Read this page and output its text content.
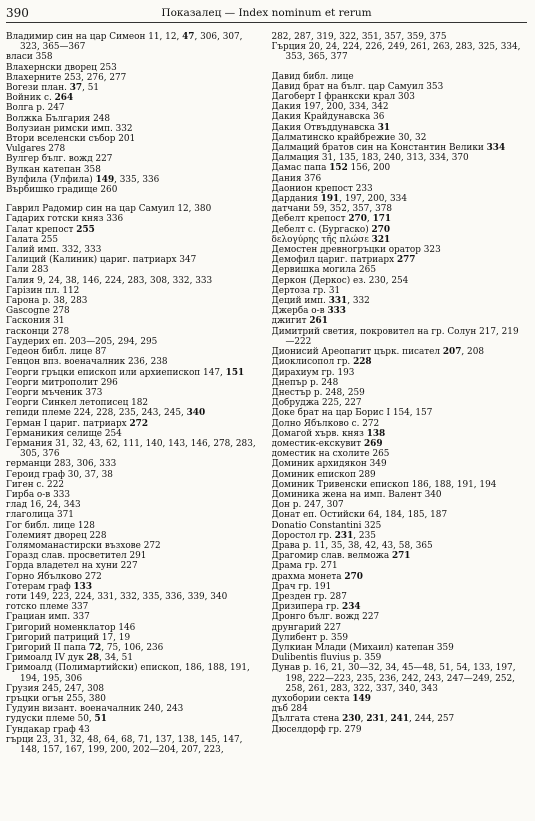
390	Показалец — Index nominum et rerum
Владимир син на цар Симеон 11, 12, 47, 306, 307, 323, 365—367
власи 358
Влахернски дворец 253
Влахерните 253, 276, 277
Вогези план. 37, 51
Войник с. 264
Волга р. 247
Волжка България 248
Волузиан римски имп. 332
Втори вселенски събор 201
Vulgares 278
Вулгер бълг. вожд 227
Вулкан катепан 358
Вулфила (Улфила) 149, 335, 336
Върбишко градище 260
Гаврил Радомир син на цар Самуил 12, 380
Гадарих готски княз 336
Галат крепост 255
Галата 255
Галий имп. 332, 333
Галиций (Калиник) цариг. патриарх 347
Гали 283
Галия 9, 24, 38, 146, 224, 283, 308, 332, 333
Гарізин пл. 112
Гарона р. 38, 283
Gascogne 278
Гаскония 31
гасконци 278
Гаудерих еп. 203—205, 294, 295
Гедеон библ. лице 87
Генцон впз. военачалник 236, 238
Георги гръцки епископ или архиепископ 147, 151
Георги митрополит 296
Георги мъченик 373
Георги Синкел летописец 182
гепиди племе 224, 228, 235, 243, 245, 340
Герман I цариг. патриарх 272
Германикия селище 254
Германия 31, 32, 43, 62, 111, 140, 143, 146, 278, 283, 305, 376
германци 283, 306, 333
Героид граф 30, 37, 38
Гиген с. 222
Гирба о-в 333
глад 16, 24, 343
глаголица 371
Гог библ. лице 128
Големият дворец 228
Голямоманастирски възхове 272
Горазд слав. просветител 291
Горда владетел на хуни 227
Горно Ябълково 272
Готерам граф 133
готи 149, 223, 224, 331, 332, 335, 336, 339, 340
готско племе 337
Грациан имп. 337
Григорий номенклатор 146
Григорий патриций 17, 19
Григорий II папа 72, 75, 106, 236
Гримоалд IV дук 28, 34, 51
Гримоалд (Полимартийски) епископ, 186, 188, 191, 194, 195, 306
Грузия 245, 247, 308
гръцки огън 255, 380
Гудуин визант. военачалник 240, 243
гудуски племе 50, 51
Гундакар граф 43
гърци 23, 31, 32, 48, 64, 68, 71, 137, 138, 145, 147, 148, 157, 167, 199, 200, 202—204, 207, 223,
282, 287, 319, 322, 351, 357, 359, 375
Гърция 20, 24, 224, 226, 249, 261, 263, 283, 325, 334, 353, 365, 377
Давид библ. лице
Давид брат на бълг. цар Самуил 353
Дагоберт I франкски крал 303
Дакия 197, 200, 334, 342
Дакия Крайдунавска 36
Дакия Отвъддунавска 31
Далматинско крайбрежие 30, 32
Далмаций братов син на Константин Велики 334
Далмация 31, 135, 183, 240, 313, 334, 370
Дамас папа 152 156, 200
Дания 376
Даонион крепост 233
Дардания 191, 197, 200, 334
датчани 59, 352, 357, 378
Дебелт крепост 270, 171
Дебелт с. (Бургаско) 270
δελογύρης τῆς πλώσε 321
Демостен древногръцки оратор 323
Демофил цариг. патриарх 277
Дервишка могила 265
Деркон (Деркос) ез. 230, 254
Дертоза гр. 31
Деций имп. 331, 332
Джерба о-в 333
джигит 261
Димитрий светия, покровител на гр. Солун 217, 219—222
Дионисий Ареопагит църк. писател 207, 208
Диоклисопол гр. 228
Дирахиум гр. 193
Днепър р. 248
Днестър р. 248, 259
Добруджа 225, 227
Доке брат на цар Борис I 154, 157
Долно Ябълково с. 272
Домагой хърв. княз 138
доместик-екскувит 269
доместик на схолите 265
Доминик архидякон 349
Доминик епископ 289
Доминик Тривенски епископ 186, 188, 191, 194
Доминика жена на имп. Валент 340
Дон р. 247, 307
Донат еп. Остийски 64, 184, 185, 187
Donatio Constantini 325
Доростол гр. 231, 235
Драва р. 11, 35, 38, 42, 43, 58, 365
Драгомир слав. велможа 271
Драма гр. 271
драхма монета 270
Драч гр. 191
Дрезден гр. 287
Дризипера гр. 234
Дронго бълг. вожд 227
друнгарий 227
Дулибент р. 359
Дулкиан Млади (Михаил) катепан 359
Dulibentis fluvius р. 359
Дунав р. 16, 21, 30—32, 34, 45—48, 51, 54, 133, 197, 198, 222—223, 235, 236, 242, 243, 247—249, 252, 258, 261, 283, 322, 337, 340, 343
духобории секта 149
дъб 284
Дългата стена 230, 231, 241, 244, 257
Дюселдорф гр. 279
